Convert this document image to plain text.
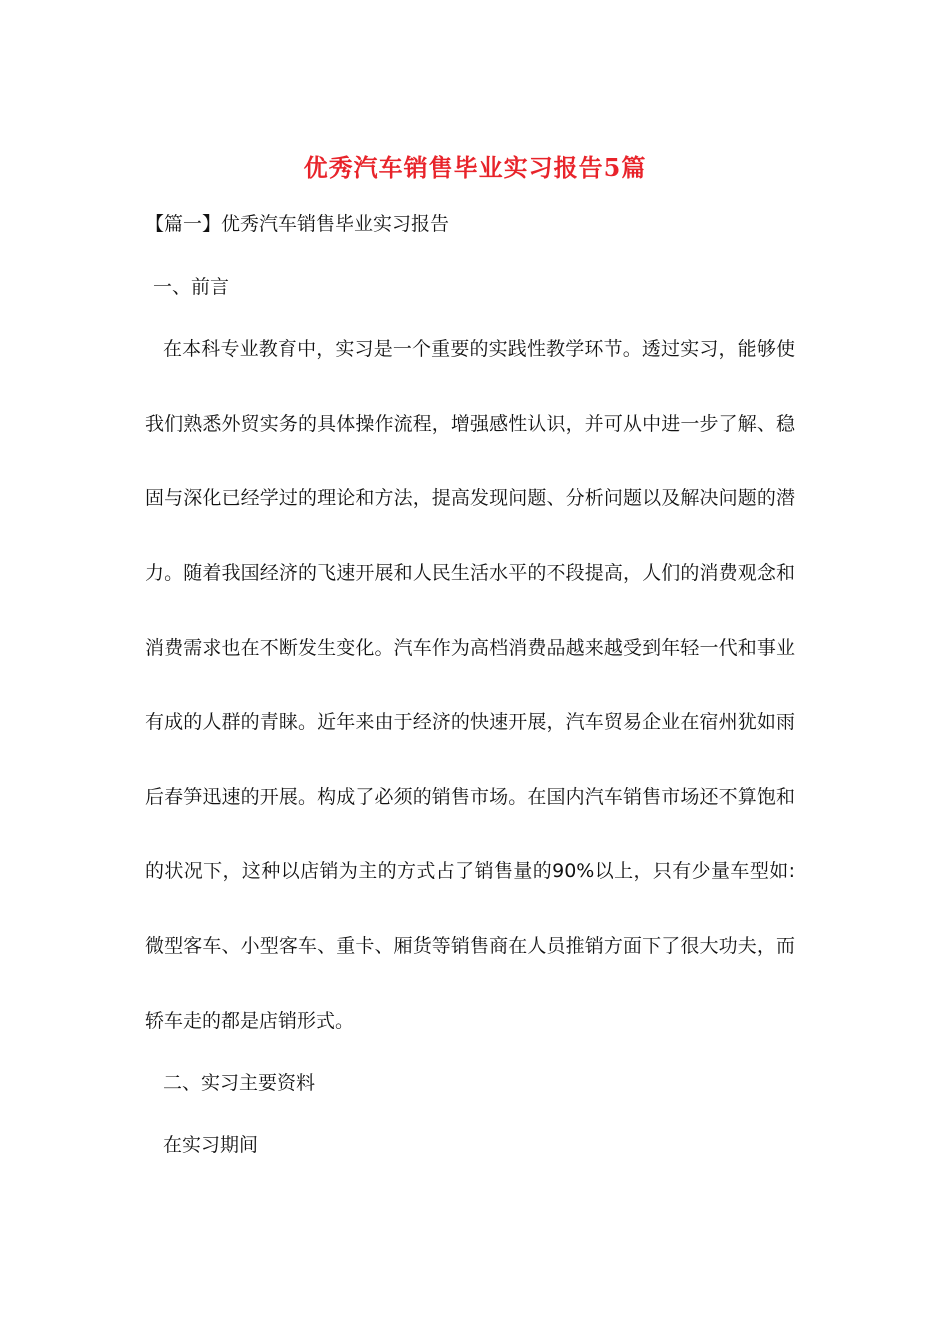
优秀汽车销售毕业实习报告5篇

【篇一】优秀汽车销售毕业实习报告

一、前言

在本科专业教育中，实习是一个重要的实践性教学环节。透过实习，能够使

我们熟悉外贸实务的具体操作流程，增强感性认识，并可从中进一步了解、稳

固与深化已经学过的理论和方法，提高发现问题、分析问题以及解决问题的潜

力。随着我国经济的飞速开展和人民生活水平的不段提高，人们的消费观念和

消费需求也在不断发生变化。汽车作为高档消费品越来越受到年轻一代和事业

有成的人群的青睐。近年来由于经济的快速开展，汽车贸易企业在宿州犹如雨

后春笋迅速的开展。构成了必须的销售市场。在国内汽车销售市场还不算饱和

的状况下，这种以店销为主的方式占了销售量的90%以上，只有少量车型如:

微型客车、小型客车、重卡、厢货等销售商在人员推销方面下了很大功夫，而

轿车走的都是店销形式。

二、实习主要资料

在实习期间
